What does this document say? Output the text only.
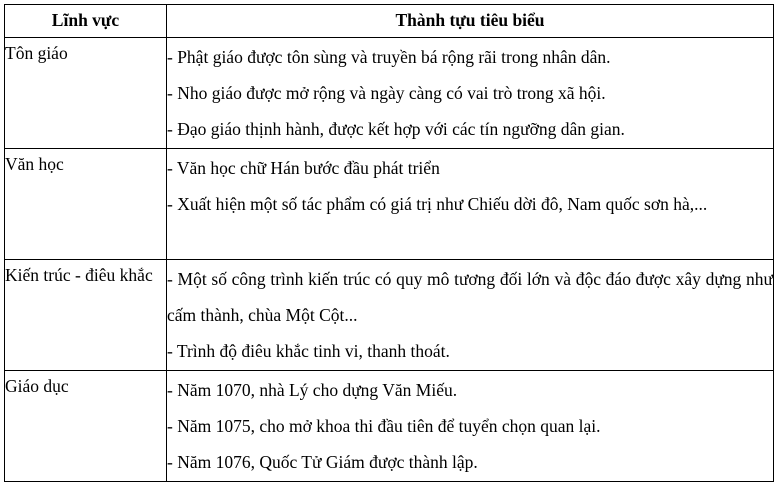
Lĩnh vực	Thành tựu tiêu biểu

Tôn giáo	- Phật giáo được tôn sùng và truyền bá rộng rãi trong nhân dân.
- Nho giáo được mở rộng và ngày càng có vai trò trong xã hội.
- Đạo giáo thịnh hành, được kết hợp với các tín ngưỡng dân gian.

Văn học	- Văn học chữ Hán bước đầu phát triển
- Xuất hiện một số tác phẩm có giá trị như Chiếu dời đô, Nam quốc sơn hà,...

Kiến trúc - điêu khắc	- Một số công trình kiến trúc có quy mô tương đối lớn và độc đáo được xây dựng như cấm thành, chùa Một Cột...
- Trình độ điêu khắc tinh vi, thanh thoát.

Giáo dục	- Năm 1070, nhà Lý cho dựng Văn Miếu.
- Năm 1075, cho mở khoa thi đầu tiên để tuyển chọn quan lại.
- Năm 1076, Quốc Tử Giám được thành lập.
